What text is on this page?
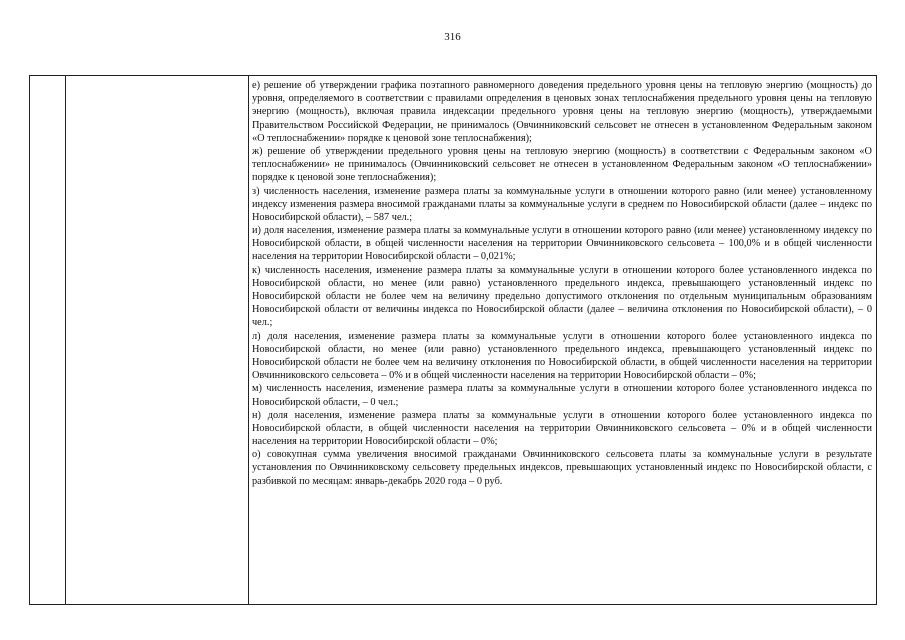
316

е) решение об утверждении графика поэтапного равномерного доведения предельного уровня цены на тепловую энергию (мощность) до уровня, определяемого в соответствии с правилами определения в ценовых зонах теплоснабжения предельного уровня цены на тепловую энергию (мощность), включая правила индексации предельного уровня цены на тепловую энергию (мощность), утверждаемыми Правительством Российской Федерации, не принималось (Овчинниковский сельсовет не отнесен в установленном Федеральным законом «О теплоснабжении» порядке к ценовой зоне теплоснабжения);

ж) решение об утверждении предельного уровня цены на тепловую энергию (мощность) в соответствии с Федеральным законом «О теплоснабжении» не принималось (Овчинниковский сельсовет не отнесен в установленном Федеральным законом «О теплоснабжении» порядке к ценовой зоне теплоснабжения);

з) численность населения, изменение размера платы за коммунальные услуги в отношении которого равно (или менее) установленному индексу изменения размера вносимой гражданами платы за коммунальные услуги в среднем по Новосибирской области (далее – индекс по Новосибирской области), – 587 чел.;

и) доля населения, изменение размера платы за коммунальные услуги в отношении которого равно (или менее) установленному индексу по Новосибирской области, в общей численности населения на территории Овчинниковского сельсовета – 100,0% и в общей численности населения на территории Новосибирской области – 0,021%;

к) численность населения, изменение размера платы за коммунальные услуги в отношении которого более установленного индекса по Новосибирской области, но менее (или равно) установленного предельного индекса, превышающего установленный индекс по Новосибирской области не более чем на величину предельно допустимого отклонения по отдельным муниципальным образованиям Новосибирской области от величины индекса по Новосибирской области (далее – величина отклонения по Новосибирской области), – 0 чел.;

л) доля населения, изменение размера платы за коммунальные услуги в отношении которого более установленного индекса по Новосибирской области, но менее (или равно) установленного предельного индекса, превышающего установленный индекс по Новосибирской области не более чем на величину отклонения по Новосибирской области, в общей численности населения на территории Овчинниковского сельсовета – 0% и в общей численности населения на территории Новосибирской области – 0%;

м) численность населения, изменение размера платы за коммунальные услуги в отношении которого более установленного индекса по Новосибирской области, – 0 чел.;

н) доля населения, изменение размера платы за коммунальные услуги в отношении которого более установленного индекса по Новосибирской области, в общей численности населения на территории Овчинниковского сельсовета – 0% и в общей численности населения на территории Новосибирской области – 0%;

о) совокупная сумма увеличения вносимой гражданами Овчинниковского сельсовета платы за коммунальные услуги в результате установления по Овчинниковскому сельсовету предельных индексов, превышающих установленный индекс по Новосибирской области, с разбивкой по месяцам: январь-декабрь 2020 года – 0 руб.
